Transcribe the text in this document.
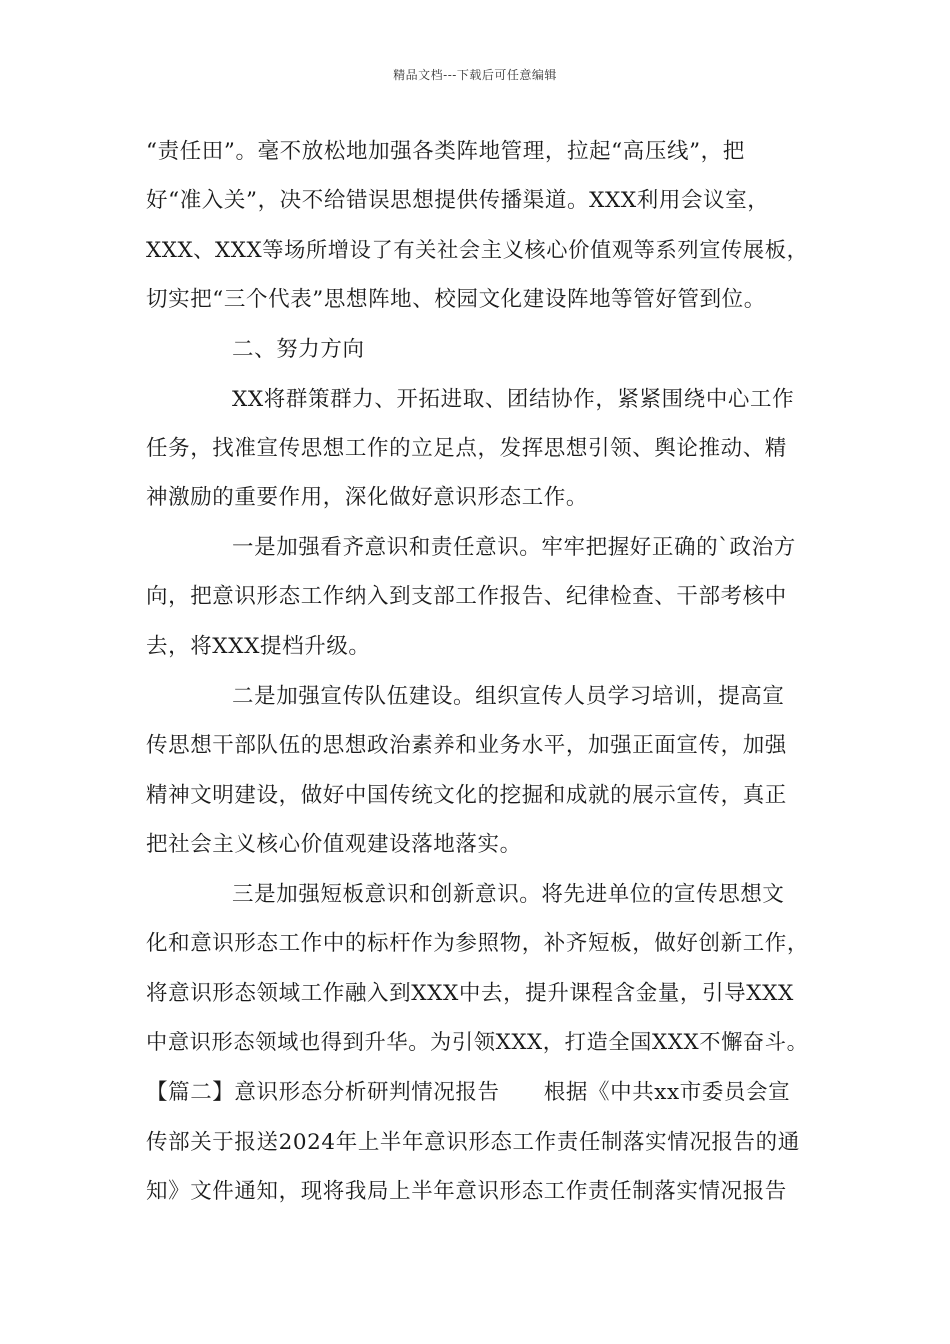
精品文档---下载后可任意编辑
“责任田”。毫不放松地加强各类阵地管理，拉起“高压线”，把
好“准入关”，决不给错误思想提供传播渠道。XXX利用会议室，
XXX、XXX等场所增设了有关社会主义核心价值观等系列宣传展板，
切实把“三个代表”思想阵地、校园文化建设阵地等管好管到位。
二、努力方向
XX将群策群力、开拓进取、团结协作，紧紧围绕中心工作
任务，找准宣传思想工作的立足点，发挥思想引领、舆论推动、精
神激励的重要作用，深化做好意识形态工作。
一是加强看齐意识和责任意识。牢牢把握好正确的`政治方
向，把意识形态工作纳入到支部工作报告、纪律检查、干部考核中
去，将XXX提档升级。
二是加强宣传队伍建设。组织宣传人员学习培训，提高宣
传思想干部队伍的思想政治素养和业务水平，加强正面宣传，加强
精神文明建设，做好中国传统文化的挖掘和成就的展示宣传，真正
把社会主义核心价值观建设落地落实。
三是加强短板意识和创新意识。将先进单位的宣传思想文
化和意识形态工作中的标杆作为参照物，补齐短板，做好创新工作，
将意识形态领域工作融入到XXX中去，提升课程含金量，引导XXX
中意识形态领域也得到升华。为引领XXX，打造全国XXX不懈奋斗。
【篇二】意识形态分析研判情况报告　　根据《中共xx市委员会宣
传部关于报送2024年上半年意识形态工作责任制落实情况报告的通
知》文件通知，现将我局上半年意识形态工作责任制落实情况报告
